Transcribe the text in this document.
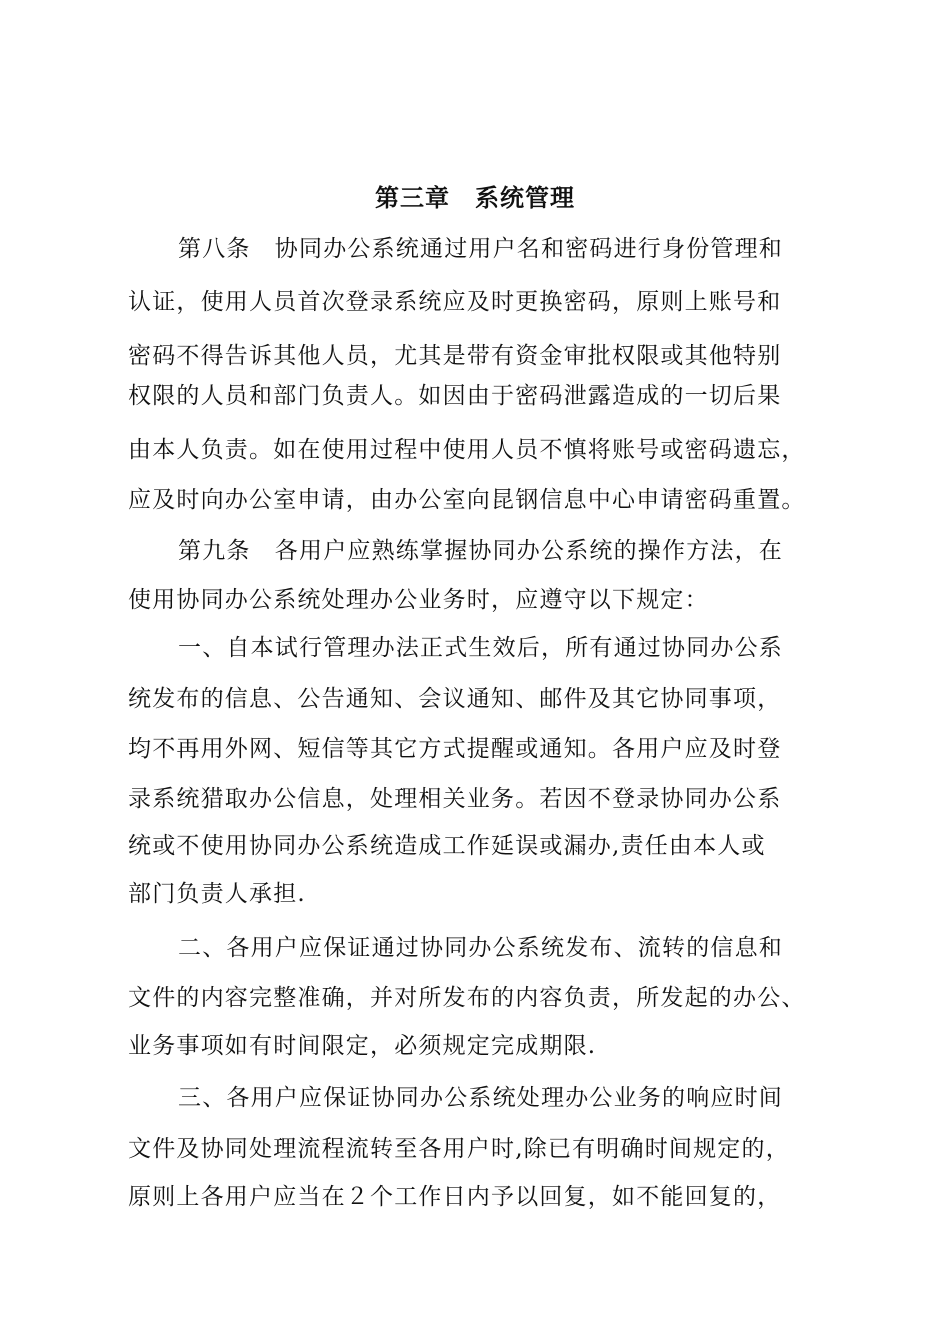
第三章　系统管理
第八条　协同办公系统通过用户名和密码进行身份管理和
认证，使用人员首次登录系统应及时更换密码，原则上账号和
密码不得告诉其他人员，尤其是带有资金审批权限或其他特别
权限的人员和部门负责人。如因由于密码泄露造成的一切后果
由本人负责。如在使用过程中使用人员不慎将账号或密码遗忘，
应及时向办公室申请，由办公室向昆钢信息中心申请密码重置。
第九条　各用户应熟练掌握协同办公系统的操作方法，在
使用协同办公系统处理办公业务时，应遵守以下规定：
一、自本试行管理办法正式生效后，所有通过协同办公系
统发布的信息、公告通知、会议通知、邮件及其它协同事项，
均不再用外网、短信等其它方式提醒或通知。各用户应及时登
录系统猎取办公信息，处理相关业务。若因不登录协同办公系
统或不使用协同办公系统造成工作延误或漏办,责任由本人或
部门负责人承担.
二、各用户应保证通过协同办公系统发布、流转的信息和
文件的内容完整准确，并对所发布的内容负责，所发起的办公、
业务事项如有时间限定，必须规定完成期限.
三、各用户应保证协同办公系统处理办公业务的响应时间
文件及协同处理流程流转至各用户时,除已有明确时间规定的，
原则上各用户应当在２个工作日内予以回复，如不能回复的，
